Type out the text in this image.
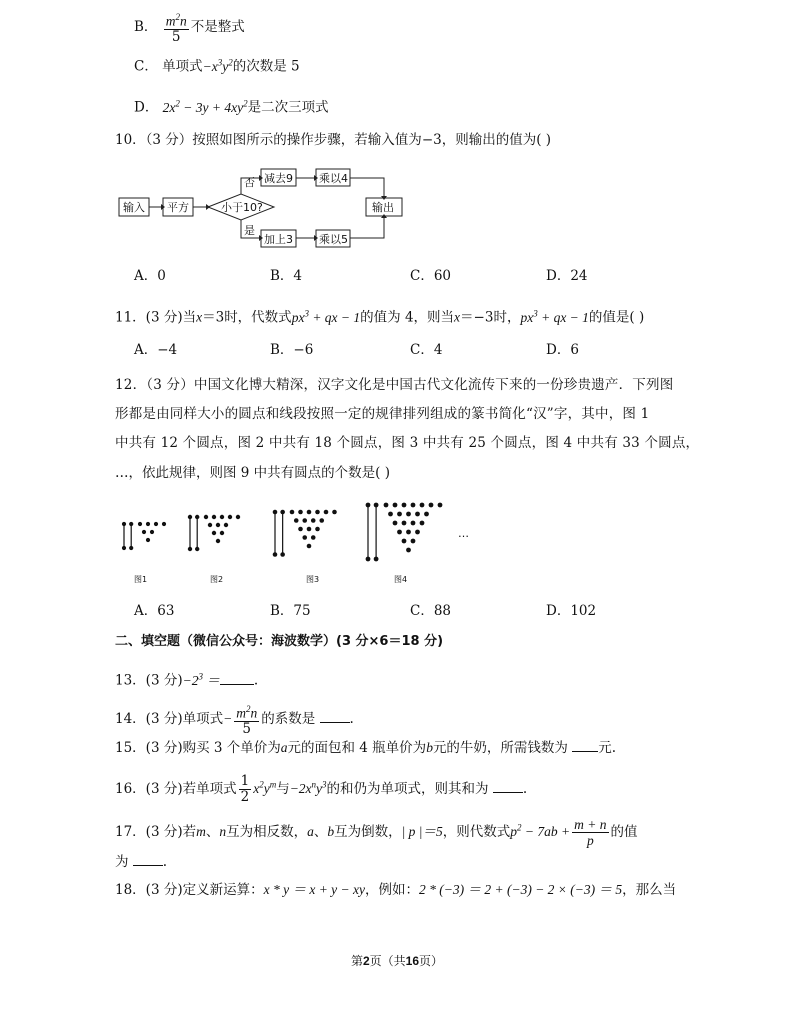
B． $\frac{m^2n}{5}$ 不是整式
C． 单项式$-x^3y^2$的次数是 5
D． $2x^2 - 3y + 4xy^2$是二次三项式
10．（3 分）按照如图所示的操作步骤，若输入值为−3，则输出的值为( )
输入 平方	小于10?
减去9 乘以4
加上3 乘以5
输出
否
是
A．0	B．4	C．60	D．24
11．(3 分)当x＝3时，代数式$px^3$ + qx − 1的值为 4，则当x＝−3时，$px^3$ + qx − 1的值是( )
A．−4	B．−6	C．4	D．6
12．（3 分）中国文化博大精深，汉字文化是中国古代文化流传下来的一份珍贵遗产．下列图
形都是由同样大小的圆点和线段按照一定的规律排列组成的篆书简化“汉”字，其中，图 1
中共有 12 个圆点，图 2 中共有 18 个圆点，图 3 中共有 25 个圆点，图 4 中共有 33 个圆点，
…，依此规律，则图 9 中共有圆点的个数是( )
图1	图2	图3	图4
…
A．63	B．75	C．88	D．102
二、填空题（微信公众号：海波数学）(3 分×6＝18 分)
13．(3 分)$-2^3$ ＝	.
14．(3 分)单项式− $\frac{m^2n}{5}$ 的系数是	.
15．(3 分)购买 3 个单价为a元的面包和 4 瓶单价为b元的牛奶，所需钱数为 元.
16．(3 分)若单项式 $\frac{1}{2} x^2y^m$与$-2x^ny^3$的和仍为单项式，则其和为	.
17．(3 分)若m、n互为相反数，a、b互为倒数，| p |＝5，则代数式$p^2 - 7ab + \frac{m + n}{p}$ 的值
为	.
18．(3 分)定义新运算：x * y ＝ x + y − xy，例如：2 * (−3) ＝ 2 + (−3) − 2 × (−3) ＝ 5，那么当
第2页（共16页）
